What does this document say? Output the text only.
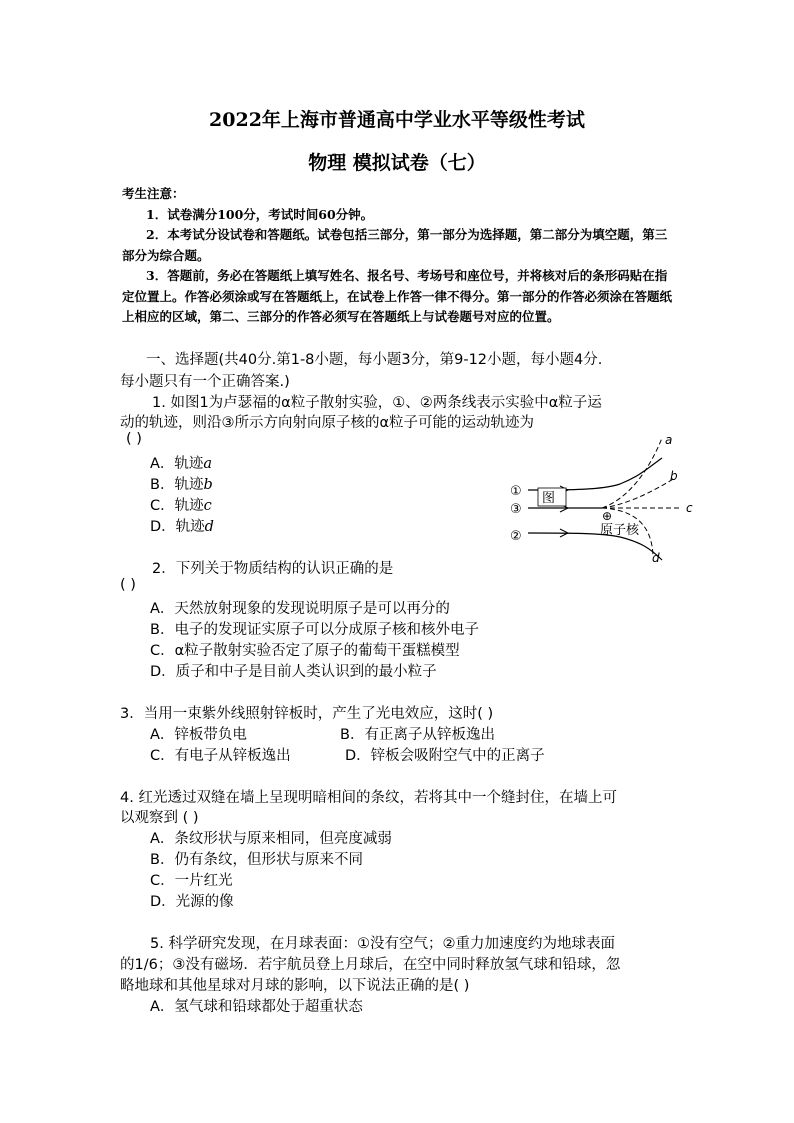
2022年上海市普通高中学业水平等级性考试
物理 模拟试卷（七）

考生注意：

1．试卷满分100分，考试时间60分钟。

2．本考试分设试卷和答题纸。试卷包括三部分，第一部分为选择题，第二部分为填空题，第三部分为综合题。

3．答题前，务必在答题纸上填写姓名、报名号、考场号和座位号，并将核对后的条形码贴在指定位置上。作答必须涂或写在答题纸上，在试卷上作答一律不得分。第一部分的作答必须涂在答题纸上相应的区域，第二、三部分的作答必须写在答题纸上与试卷题号对应的位置。

一、选择题(共40分.第1-8小题，每小题3分，第9-12小题，每小题4分.
每小题只有一个正确答案.)
1. 如图1为卢瑟福的α粒子散射实验，①、②两条线表示实验中α粒子运
动的轨迹，则沿③所示方向射向原子核的α粒子可能的运动轨迹为
( )
A．轨迹a
B．轨迹b
C．轨迹c
D．轨迹d
图
①
③
②
a
b
c
d
⊕
原子核
2．下列关于物质结构的认识正确的是
( )
A．天然放射现象的发现说明原子是可以再分的
B．电子的发现证实原子可以分成原子核和核外电子
C．α粒子散射实验否定了原子的葡萄干蛋糕模型
D．质子和中子是目前人类认识到的最小粒子
3．当用一束紫外线照射锌板时，产生了光电效应，这时( )
A．锌板带负电	B．有正离子从锌板逸出
C．有电子从锌板逸出	D．锌板会吸附空气中的正离子
4. 红光透过双缝在墙上呈现明暗相间的条纹，若将其中一个缝封住，在墙上可
以观察到 ( )
A．条纹形状与原来相同，但亮度减弱
B．仍有条纹，但形状与原来不同
C．一片红光
D．光源的像
5. 科学研究发现，在月球表面：①没有空气；②重力加速度约为地球表面
的1/6；③没有磁场．若宇航员登上月球后，在空中同时释放氢气球和铅球，忽
略地球和其他星球对月球的影响，以下说法正确的是( )
A．氢气球和铅球都处于超重状态
